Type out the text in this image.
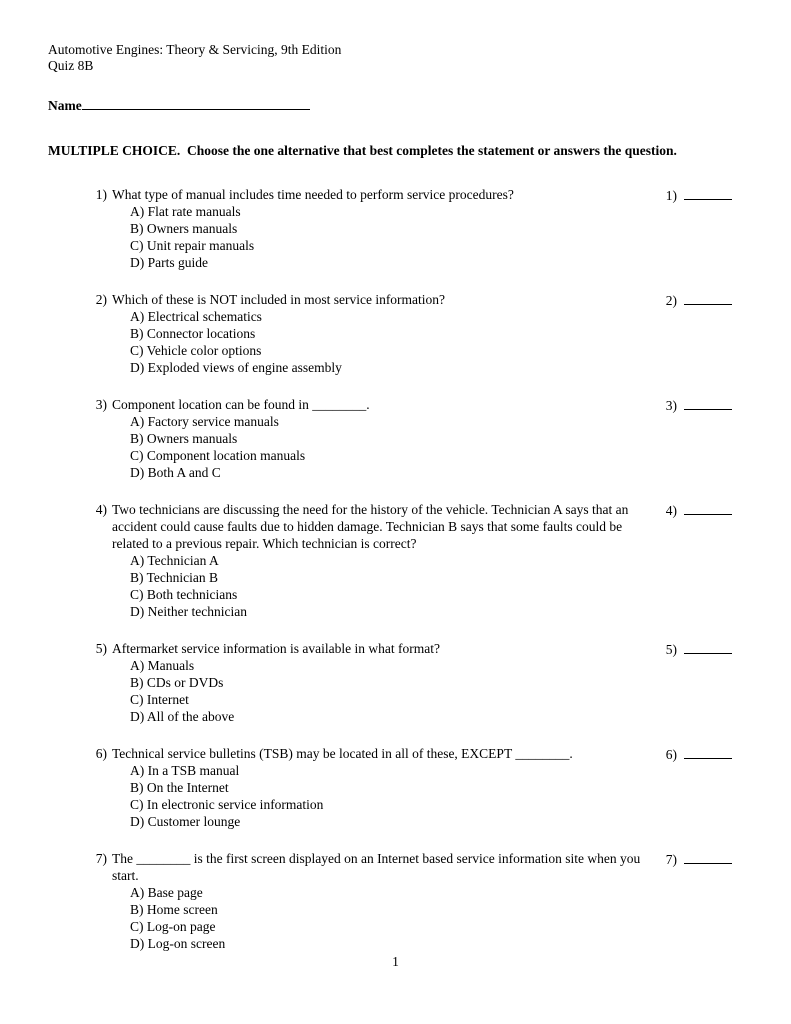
Automotive Engines: Theory & Servicing, 9th Edition
Quiz 8B
Name
MULTIPLE CHOICE.  Choose the one alternative that best completes the statement or answers the question.
1) What type of manual includes time needed to perform service procedures?
A) Flat rate manuals
B) Owners manuals
C) Unit repair manuals
D) Parts guide
1)
2) Which of these is NOT included in most service information?
A) Electrical schematics
B) Connector locations
C) Vehicle color options
D) Exploded views of engine assembly
2)
3) Component location can be found in ________.
A) Factory service manuals
B) Owners manuals
C) Component location manuals
D) Both A and C
3)
4) Two technicians are discussing the need for the history of the vehicle. Technician A says that an accident could cause faults due to hidden damage. Technician B says that some faults could be related to a previous repair. Which technician is correct?
A) Technician A
B) Technician B
C) Both technicians
D) Neither technician
4)
5) Aftermarket service information is available in what format?
A) Manuals
B) CDs or DVDs
C) Internet
D) All of the above
5)
6) Technical service bulletins (TSB) may be located in all of these, EXCEPT ________.
A) In a TSB manual
B) On the Internet
C) In electronic service information
D) Customer lounge
6)
7) The ________ is the first screen displayed on an Internet based service information site when you start.
A) Base page
B) Home screen
C) Log-on page
D) Log-on screen
7)
1
